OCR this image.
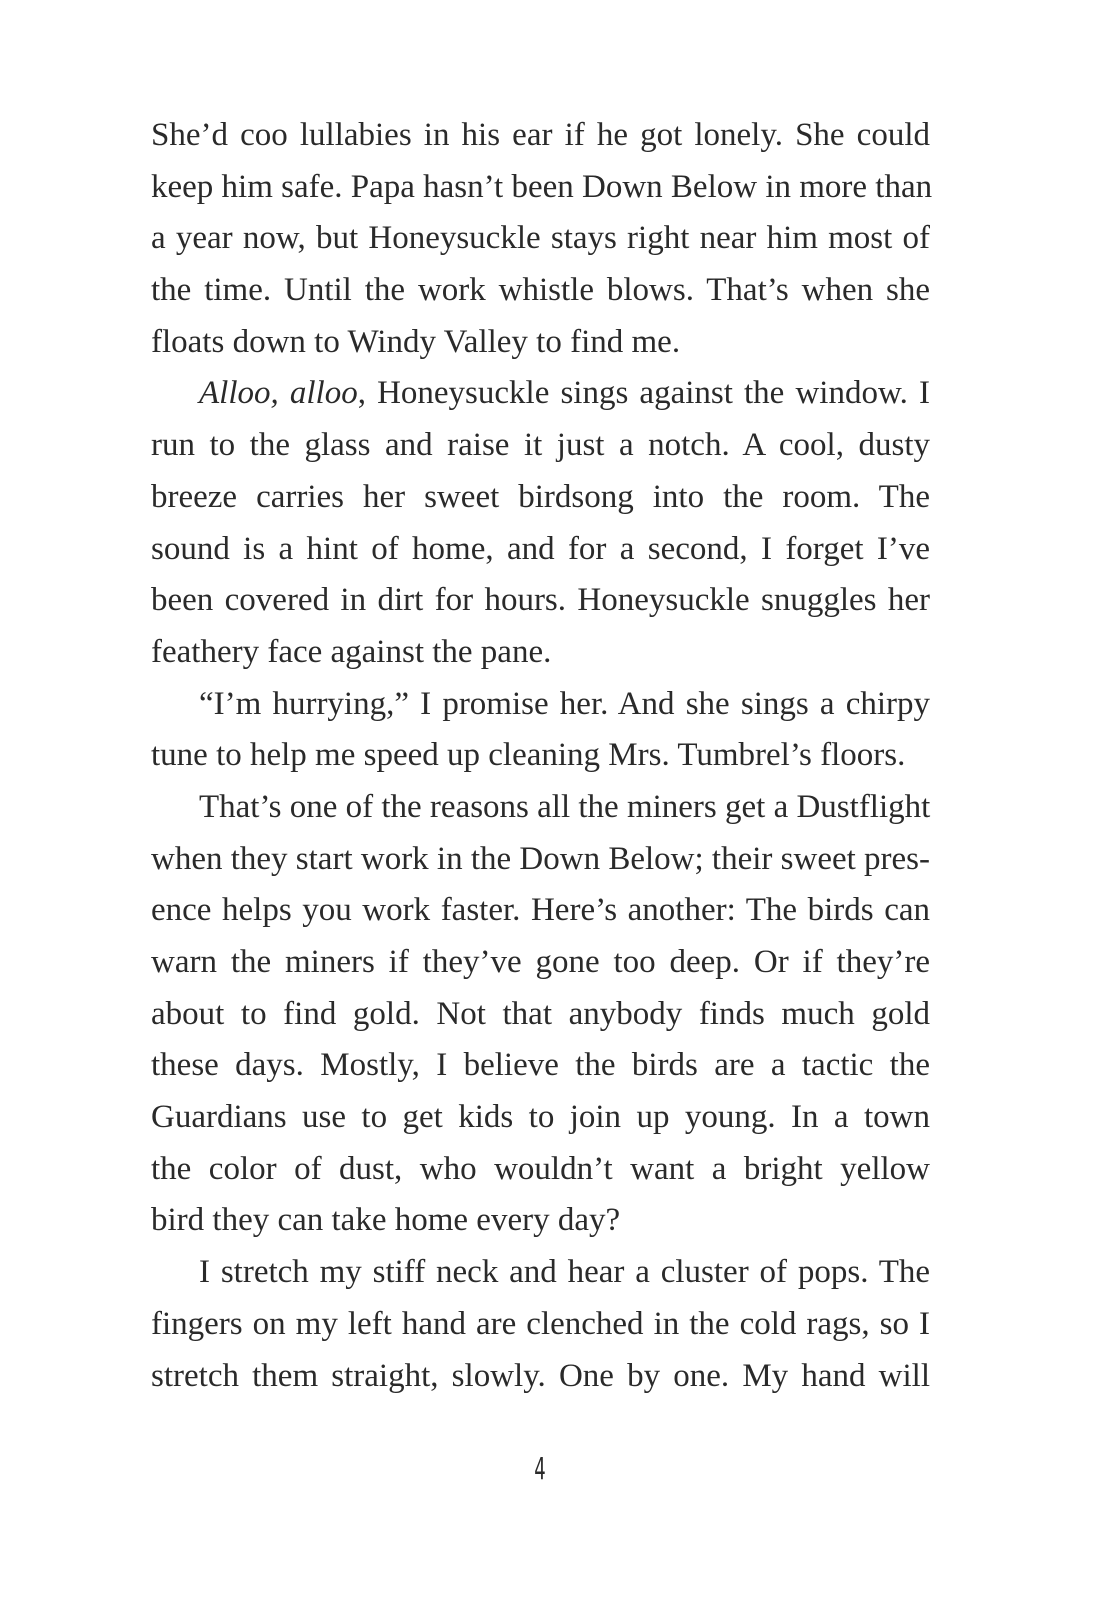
She’d coo lullabies in his ear if he got lonely. She could
keep him safe. Papa hasn’t been Down Below in more than
a year now, but Honeysuckle stays right near him most of
the time. Until the work whistle blows. That’s when she
floats down to Windy Valley to find me.
Alloo, alloo, Honeysuckle sings against the window. I
run to the glass and raise it just a notch. A cool, dusty
breeze carries her sweet birdsong into the room. The
sound is a hint of home, and for a second, I forget I’ve
been covered in dirt for hours. Honeysuckle snuggles her
feathery face against the pane.
“I’m hurrying,” I promise her. And she sings a chirpy
tune to help me speed up cleaning Mrs. Tumbrel’s floors.
That’s one of the reasons all the miners get a Dustflight
when they start work in the Down Below; their sweet pres-
ence helps you work faster. Here’s another: The birds can
warn the miners if they’ve gone too deep. Or if they’re
about to find gold. Not that anybody finds much gold
these days. Mostly, I believe the birds are a tactic the
Guardians use to get kids to join up young. In a town
the color of dust, who wouldn’t want a bright yellow
bird they can take home every day?
I stretch my stiff neck and hear a cluster of pops. The
fingers on my left hand are clenched in the cold rags, so I
stretch them straight, slowly. One by one. My hand will
4
